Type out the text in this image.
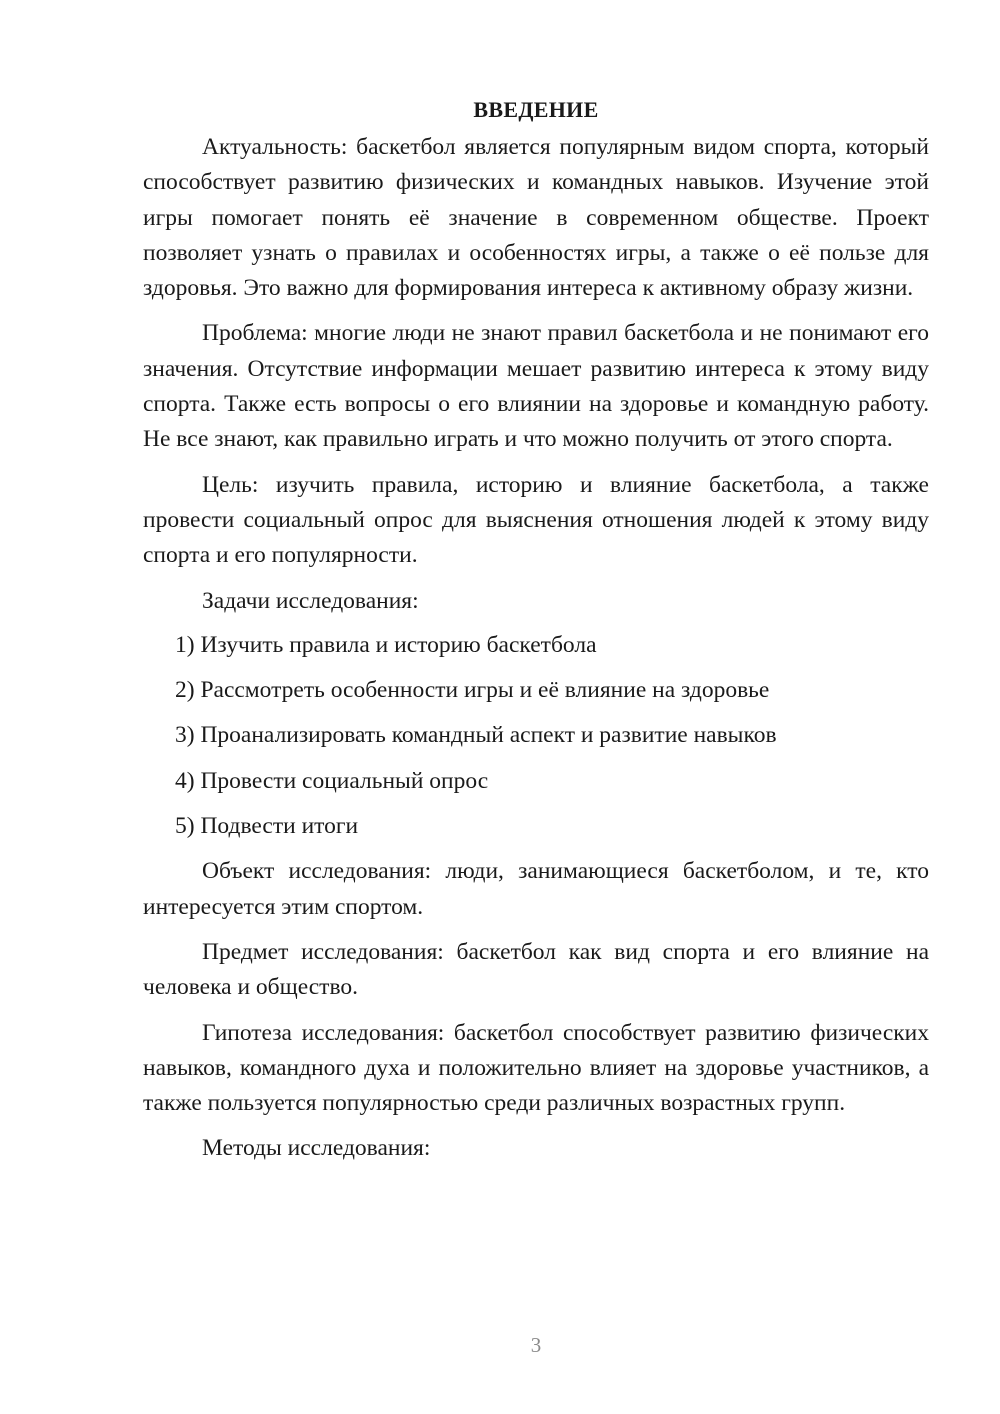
ВВЕДЕНИЕ

Актуальность: баскетбол является популярным видом спорта, который способствует развитию физических и командных навыков. Изучение этой игры помогает понять её значение в современном обществе. Проект позволяет узнать о правилах и особенностях игры, а также о её пользе для здоровья. Это важно для формирования интереса к активному образу жизни.

Проблема: многие люди не знают правил баскетбола и не понимают его значения. Отсутствие информации мешает развитию интереса к этому виду спорта. Также есть вопросы о его влиянии на здоровье и командную работу. Не все знают, как правильно играть и что можно получить от этого спорта.

Цель: изучить правила, историю и влияние баскетбола, а также провести социальный опрос для выяснения отношения людей к этому виду спорта и его популярности.

Задачи исследования:

1) Изучить правила и историю баскетбола
2) Рассмотреть особенности игры и её влияние на здоровье
3) Проанализировать командный аспект и развитие навыков
4) Провести социальный опрос
5) Подвести итоги

Объект исследования: люди, занимающиеся баскетболом, и те, кто интересуется этим спортом.

Предмет исследования: баскетбол как вид спорта и его влияние на человека и общество.

Гипотеза исследования: баскетбол способствует развитию физических навыков, командного духа и положительно влияет на здоровье участников, а также пользуется популярностью среди различных возрастных групп.

Методы исследования:

3
